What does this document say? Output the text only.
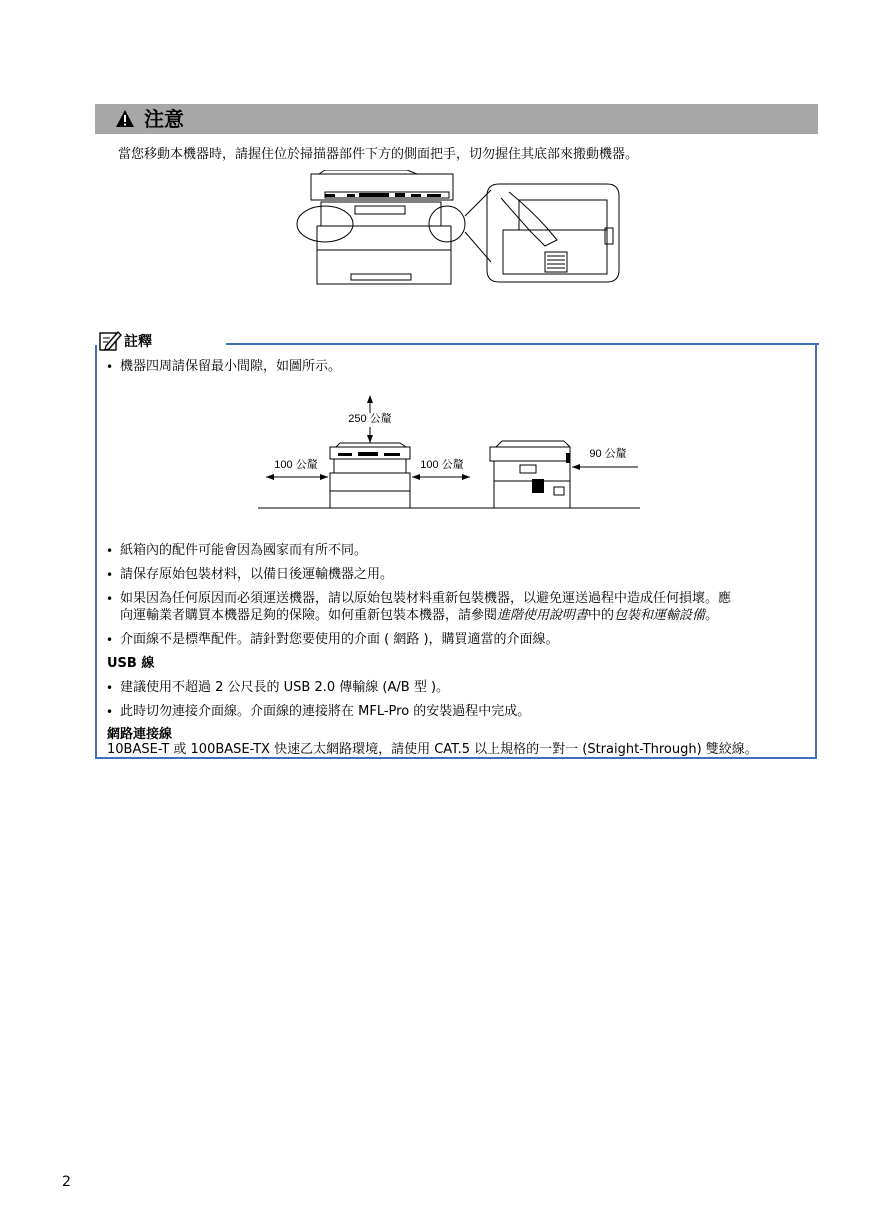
注意
當您移動本機器時，請握住位於掃描器部件下方的側面把手，切勿握住其底部來搬動機器。
註釋
• 機器四周請保留最小間隙，如圖所示。
250 公釐
100 公釐	100 公釐
90 公釐
• 紙箱內的配件可能會因為國家而有所不同。
• 請保存原始包裝材料，以備日後運輸機器之用。
• 如果因為任何原因而必須運送機器，請以原始包裝材料重新包裝機器，以避免運送過程中造成任何損壞。應
向運輸業者購買本機器足夠的保險。如何重新包裝本機器，請參閱進階使用說明書中的包裝和運輸設備。
• 介面線不是標準配件。請針對您要使用的介面 ( 網路 )，購買適當的介面線。
USB 線
• 建議使用不超過 2 公尺長的 USB 2.0 傳輸線 (A/B 型 )。
• 此時切勿連接介面線。介面線的連接將在 MFL-Pro 的安裝過程中完成。
網路連接線
10BASE-T 或 100BASE-TX 快速乙太網路環境，請使用 CAT.5 以上規格的一對一 (Straight-Through) 雙絞線。
2
